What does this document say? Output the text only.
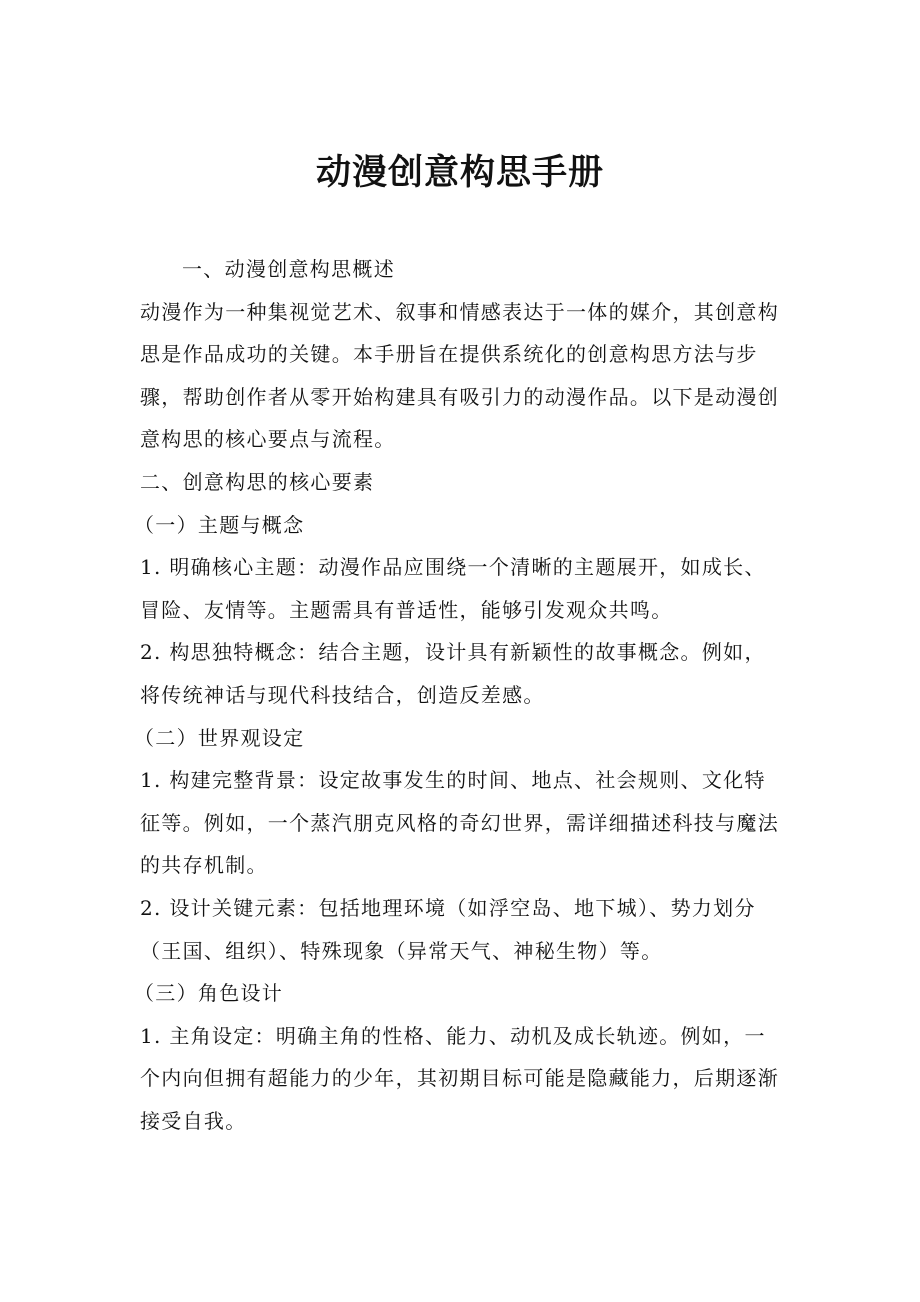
动漫创意构思手册

一、动漫创意构思概述

动漫作为一种集视觉艺术、叙事和情感表达于一体的媒介，其创意构思是作品成功的关键。本手册旨在提供系统化的创意构思方法与步骤，帮助创作者从零开始构建具有吸引力的动漫作品。以下是动漫创意构思的核心要点与流程。

二、创意构思的核心要素

（一）主题与概念

1. 明确核心主题：动漫作品应围绕一个清晰的主题展开，如成长、冒险、友情等。主题需具有普适性，能够引发观众共鸣。

2. 构思独特概念：结合主题，设计具有新颖性的故事概念。例如，将传统神话与现代科技结合，创造反差感。

（二）世界观设定

1. 构建完整背景：设定故事发生的时间、地点、社会规则、文化特征等。例如，一个蒸汽朋克风格的奇幻世界，需详细描述科技与魔法的共存机制。

2. 设计关键元素：包括地理环境（如浮空岛、地下城）、势力划分（王国、组织）、特殊现象（异常天气、神秘生物）等。

（三）角色设计

1. 主角设定：明确主角的性格、能力、动机及成长轨迹。例如，一个内向但拥有超能力的少年，其初期目标可能是隐藏能力，后期逐渐接受自我。
